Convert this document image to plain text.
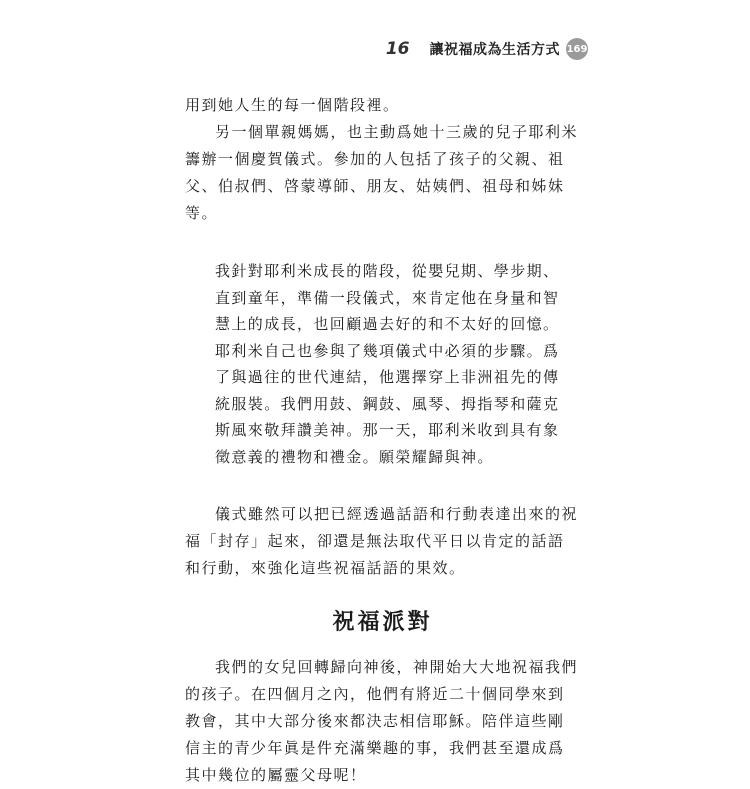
16 讓祝福成為生活方式 169

用到她人生的每一個階段裡。

另一個單親媽媽，也主動爲她十三歲的兒子耶利米籌辦一個慶賀儀式。參加的人包括了孩子的父親、祖父、伯叔們、啓蒙導師、朋友、姑姨們、祖母和姊妹等。

我針對耶利米成長的階段，從嬰兒期、學步期、直到童年，準備一段儀式，來肯定他在身量和智慧上的成長，也回顧過去好的和不太好的回憶。

耶利米自己也參與了幾項儀式中必須的步驟。爲了與過往的世代連結，他選擇穿上非洲祖先的傳統服裝。我們用鼓、鋼鼓、風琴、拇指琴和薩克斯風來敬拜讚美神。那一天，耶利米收到具有象徵意義的禮物和禮金。願榮耀歸與神。

儀式雖然可以把已經透過話語和行動表達出來的祝福「封存」起來，卻還是無法取代平日以肯定的話語和行動，來強化這些祝福話語的果效。

祝福派對

我們的女兒回轉歸向神後，神開始大大地祝福我們的孩子。在四個月之內，他們有將近二十個同學來到教會，其中大部分後來都決志相信耶穌。陪伴這些剛信主的青少年眞是件充滿樂趣的事，我們甚至還成爲其中幾位的屬靈父母呢！
